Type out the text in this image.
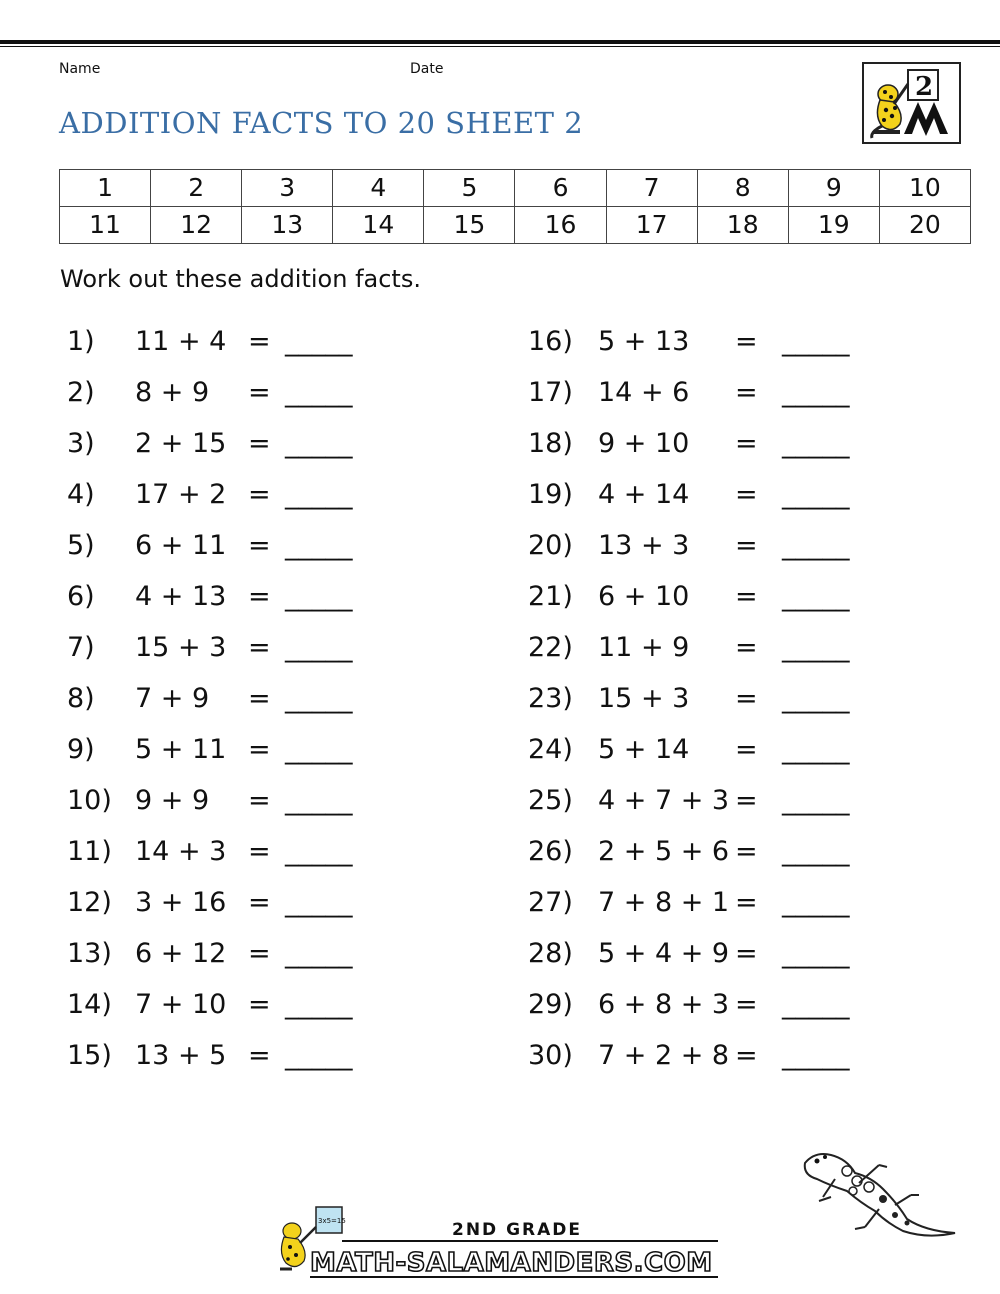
Name	Date
ADDITION FACTS TO 20 SHEET 2
2
1	2	3	4	5	6	7	8	9	10
11	12	13	14	15	16	17	18	19	20
Work out these addition facts.
1) 11 + 4 = _____
2) 8 + 9 = _____
3) 2 + 15 = _____
4) 17 + 2 = _____
5) 6 + 11 = _____
6) 4 + 13 = _____
7) 15 + 3 = _____
8) 7 + 9 = _____
9) 5 + 11 = _____
10) 9 + 9 = _____
11) 14 + 3 = _____
12) 3 + 16 = _____
13) 6 + 12 = _____
14) 7 + 10 = _____
15) 13 + 5 = _____
16) 5 + 13 = _____
17) 14 + 6 = _____
18) 9 + 10 = _____
19) 4 + 14 = _____
20) 13 + 3 = _____
21) 6 + 10 = _____
22) 11 + 9 = _____
23) 15 + 3 = _____
24) 5 + 14 = _____
25) 4 + 7 + 3 = _____
26) 2 + 5 + 6 = _____
27) 7 + 8 + 1 = _____
28) 5 + 4 + 9 = _____
29) 6 + 8 + 3 = _____
30) 7 + 2 + 8 = _____
3x5=15	2ND GRADE
MATH-SALAMANDERS.COM
